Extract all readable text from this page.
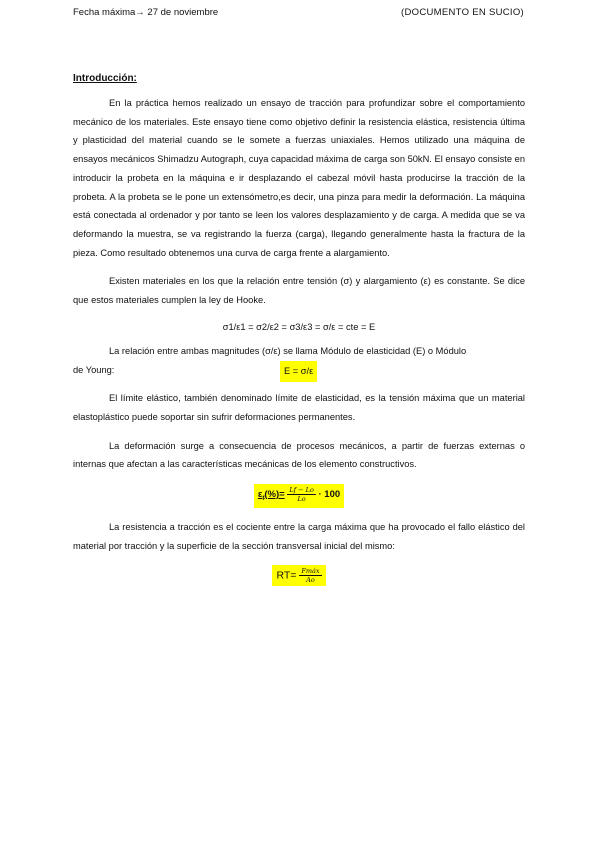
Fecha máxima→ 27 de noviembre	(DOCUMENTO EN SUCIO)
Introducción:

En la práctica hemos realizado un ensayo de tracción para profundizar sobre el comportamiento mecánico de los materiales. Este ensayo tiene como objetivo definir la resistencia elástica, resistencia última y plasticidad del material cuando se le somete a fuerzas uniaxiales. Hemos utilizado una máquina de ensayos mecánicos Shimadzu Autograph, cuya capacidad máxima de carga son 50kN. El ensayo consiste en introducir la probeta en la máquina e ir desplazando el cabezal móvil hasta producirse la tracción de la probeta. A la probeta se le pone un extensómetro,es decir, una pinza para medir la deformación. La máquina está conectada al ordenador y por tanto se leen los valores desplazamiento y de carga. A medida que se va deformando la muestra, se va registrando la fuerza (carga), llegando generalmente hasta la fractura de la pieza. Como resultado obtenemos una curva de carga frente a alargamiento.

Existen materiales en los que la relación entre tensión (σ) y alargamiento (ε) es constante. Se dice que estos materiales cumplen la ley de Hooke.

σ1/ε1 = σ2/ε2 = σ3/ε3 = σ/ε = cte = E

La relación entre ambas magnitudes (σ/ε) se llama Módulo de elasticidad (E) o Módulo

de Young:	E = σ/ε

El límite elástico, también denominado límite de elasticidad, es la tensión máxima que un material elastoplástico puede soportar sin sufrir deformaciones permanentes.

La deformación surge a consecuencia de procesos mecánicos, a partir de fuerzas externas o internas que afectan a las características mecánicas de los elemento constructivos.

$\varepsilon_f(\%)= \frac{Lf - Lo}{Lo} \cdot 100$

La resistencia a tracción es el cociente entre la carga máxima que ha provocado el fallo elástico del material por tracción y la superficie de la sección transversal inicial del mismo:

$RT= \frac{\text{Fmáx}}{Ao}$
